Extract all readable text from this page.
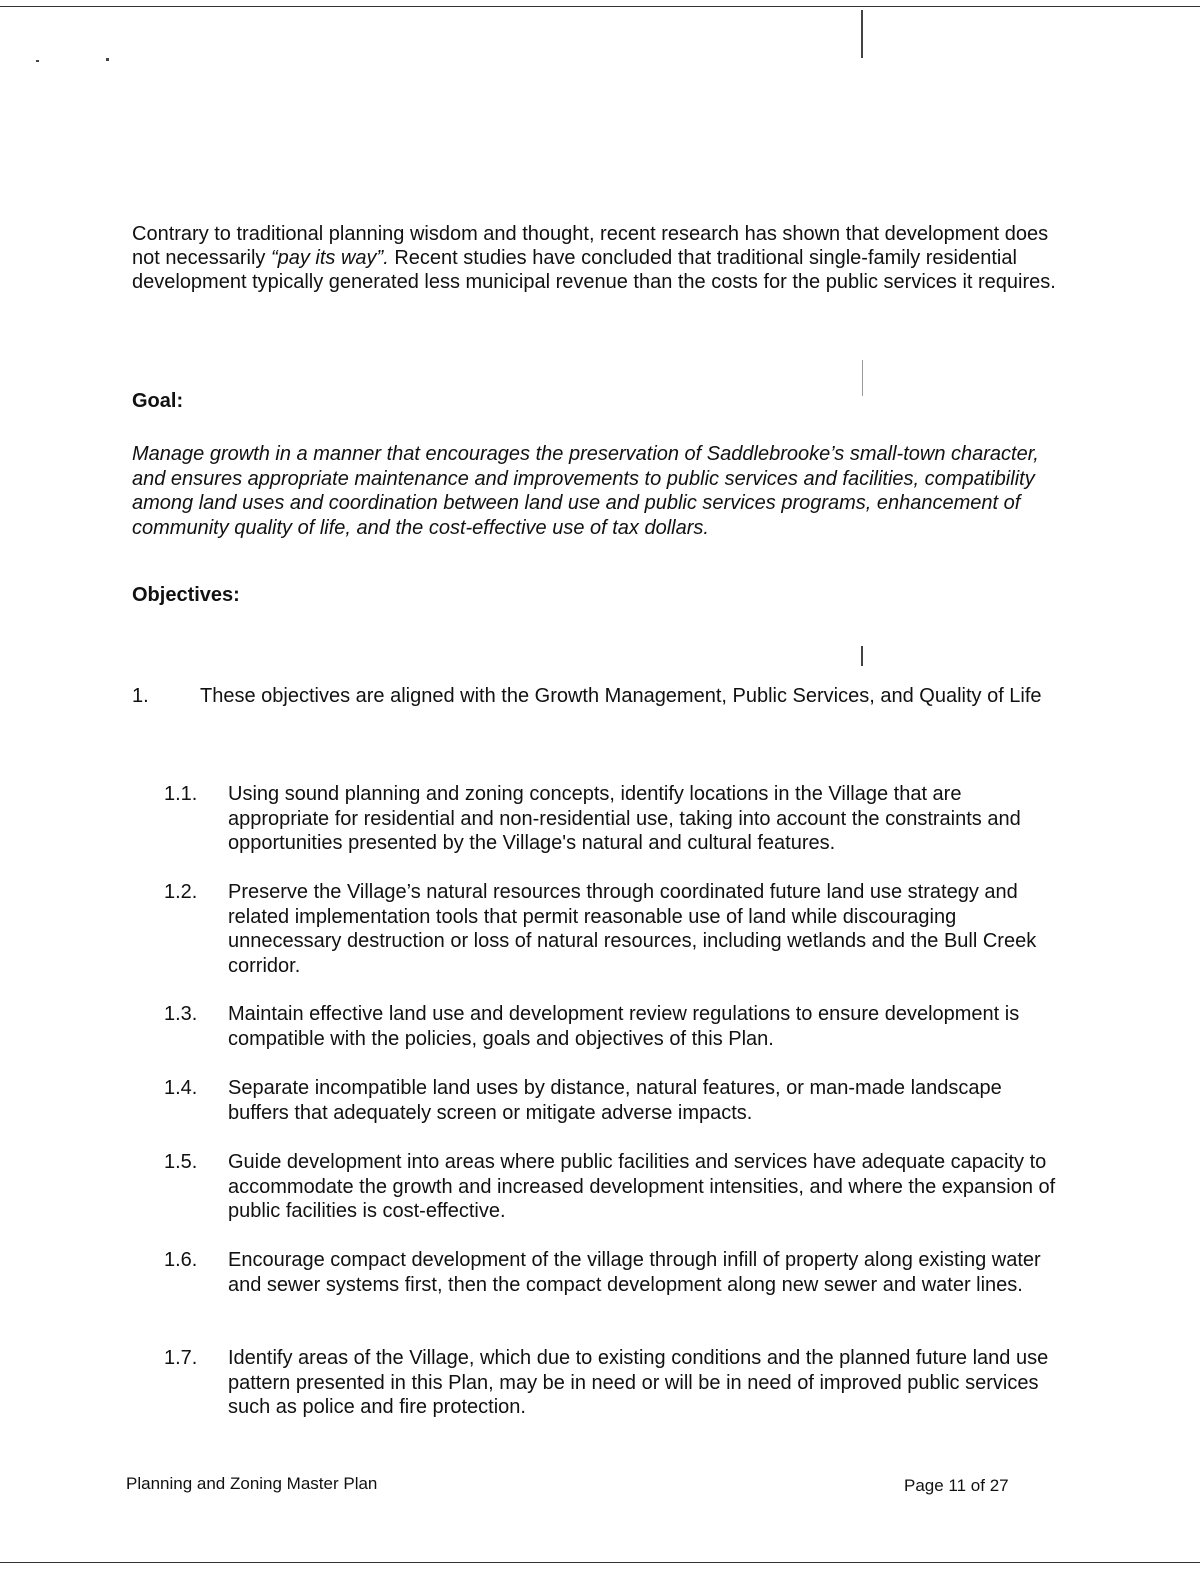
Contrary to traditional planning wisdom and thought, recent research has shown that development does not necessarily “pay its way”. Recent studies have concluded that traditional single-family residential development typically generated less municipal revenue than the costs for the public services it requires.

Goal:

Manage growth in a manner that encourages the preservation of Saddlebrooke’s small-town character, and ensures appropriate maintenance and improvements to public services and facilities, compatibility among land uses and coordination between land use and public services programs, enhancement of community quality of life, and the cost-effective use of tax dollars.

Objectives:
1.	These objectives are aligned with the Growth Management, Public Services, and Quality of Life
1.1. Using sound planning and zoning concepts, identify locations in the Village that are appropriate for residential and non-residential use, taking into account the constraints and opportunities presented by the Village's natural and cultural features.
1.2. Preserve the Village’s natural resources through coordinated future land use strategy and related implementation tools that permit reasonable use of land while discouraging unnecessary destruction or loss of natural resources, including wetlands and the Bull Creek corridor.
1.3. Maintain effective land use and development review regulations to ensure development is compatible with the policies, goals and objectives of this Plan.
1.4. Separate incompatible land uses by distance, natural features, or man-made landscape buffers that adequately screen or mitigate adverse impacts.
1.5. Guide development into areas where public facilities and services have adequate capacity to accommodate the growth and increased development intensities, and where the expansion of public facilities is cost-effective.
1.6. Encourage compact development of the village through infill of property along existing water and sewer systems first, then the compact development along new sewer and water lines.
1.7. Identify areas of the Village, which due to existing conditions and the planned future land use pattern presented in this Plan, may be in need or will be in need of improved public services such as police and fire protection.
Planning and Zoning Master Plan	Page 11 of 27
